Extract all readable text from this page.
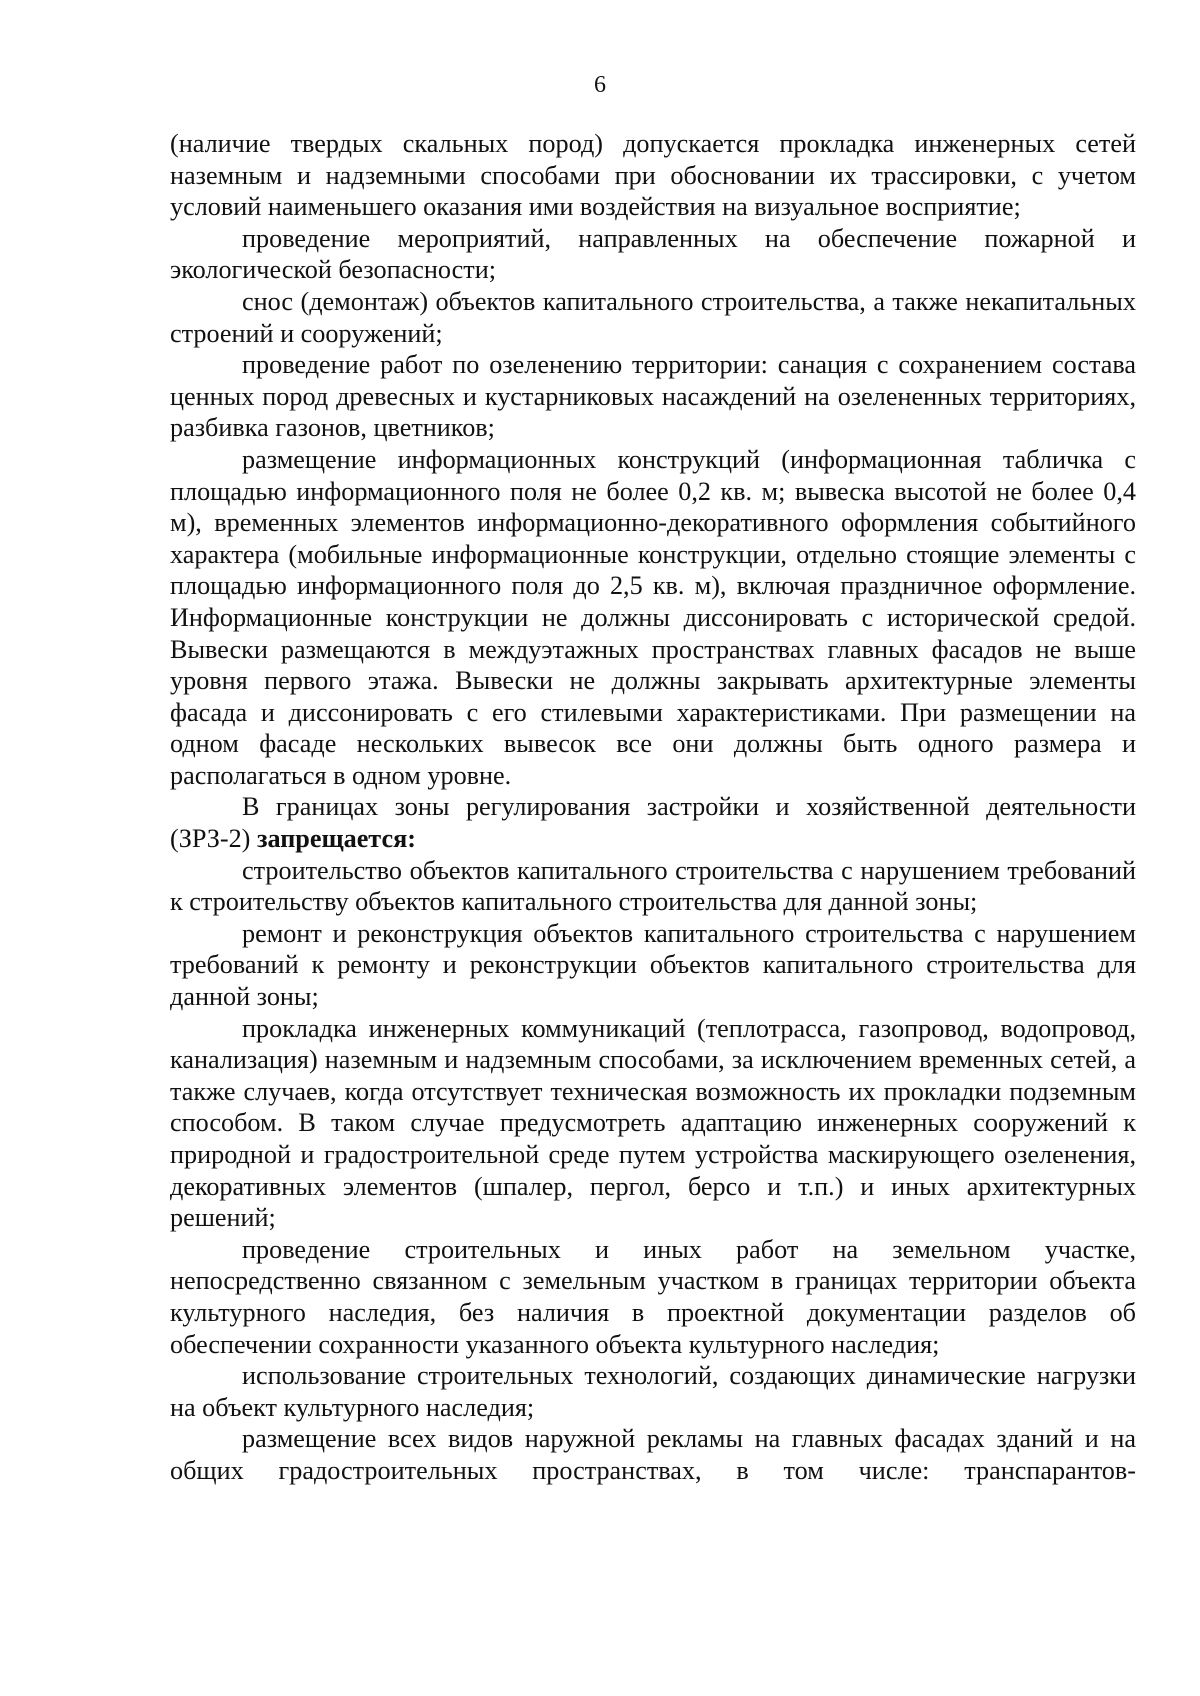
6

(наличие твердых скальных пород) допускается прокладка инженерных сетей наземным и надземными способами при обосновании их трассировки, с учетом условий наименьшего оказания ими воздействия на визуальное восприятие;

проведение мероприятий, направленных на обеспечение пожарной и экологической безопасности;

снос (демонтаж) объектов капитального строительства, а также некапитальных строений и сооружений;

проведение работ по озеленению территории: санация с сохранением состава ценных пород древесных и кустарниковых насаждений на озелененных территориях, разбивка газонов, цветников;

размещение информационных конструкций (информационная табличка с площадью информационного поля не более 0,2 кв. м; вывеска высотой не более 0,4 м), временных элементов информационно-декоративного оформления событийного характера (мобильные информационные конструкции, отдельно стоящие элементы с площадью информационного поля до 2,5 кв. м), включая праздничное оформление. Информационные конструкции не должны диссонировать с исторической средой. Вывески размещаются в междуэтажных пространствах главных фасадов не выше уровня первого этажа. Вывески не должны закрывать архитектурные элементы фасада и диссонировать с его стилевыми характеристиками. При размещении на одном фасаде нескольких вывесок все они должны быть одного размера и располагаться в одном уровне.

В границах зоны регулирования застройки и хозяйственной деятельности (ЗРЗ-2) запрещается:

строительство объектов капитального строительства с нарушением требований к строительству объектов капитального строительства для данной зоны;

ремонт и реконструкция объектов капитального строительства с нарушением требований к ремонту и реконструкции объектов капитального строительства для данной зоны;

прокладка инженерных коммуникаций (теплотрасса, газопровод, водопровод, канализация) наземным и надземным способами, за исключением временных сетей, а также случаев, когда отсутствует техническая возможность их прокладки подземным способом. В таком случае предусмотреть адаптацию инженерных сооружений к природной и градостроительной среде путем устройства маскирующего озеленения, декоративных элементов (шпалер, пергол, берсо и т.п.) и иных архитектурных решений;

проведение строительных и иных работ на земельном участке, непосредственно связанном с земельным участком в границах территории объекта культурного наследия, без наличия в проектной документации разделов об обеспечении сохранности указанного объекта культурного наследия;

использование строительных технологий, создающих динамические нагрузки на объект культурного наследия;

размещение всех видов наружной рекламы на главных фасадах зданий и на общих градостроительных пространствах, в том числе: транспарантов-
